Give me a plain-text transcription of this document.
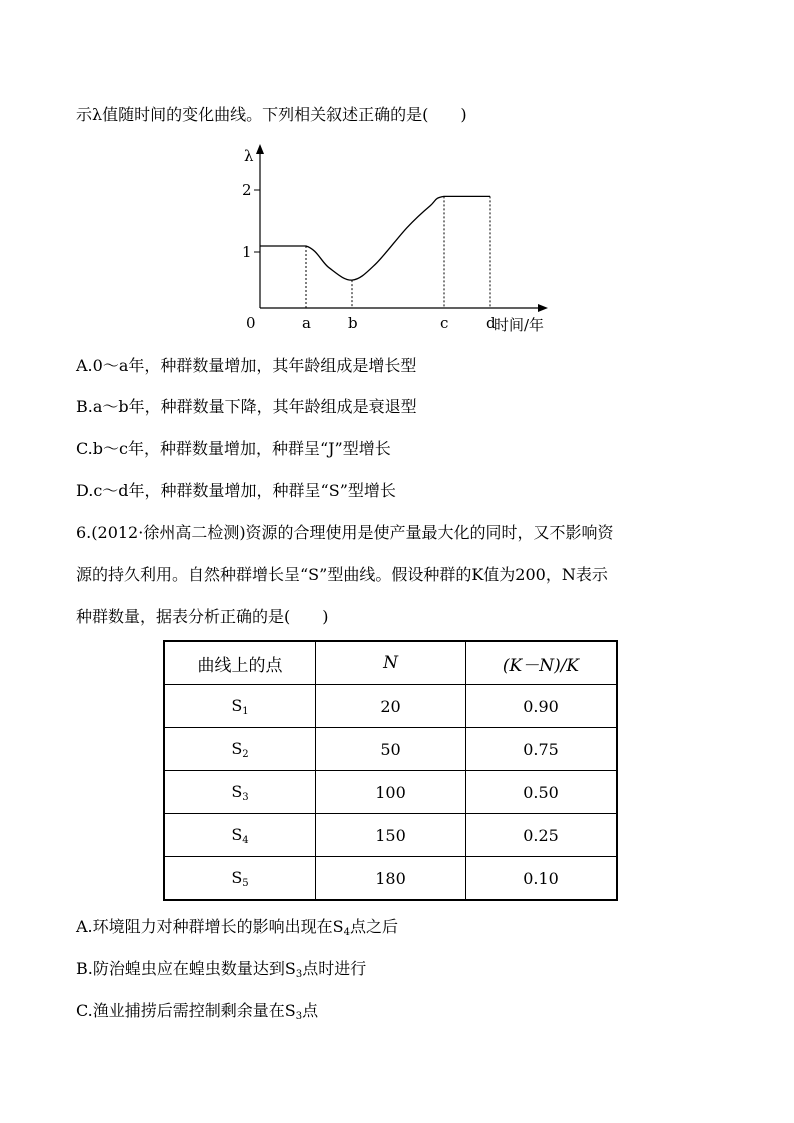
示λ值随时间的变化曲线。下列相关叙述正确的是(　　)
λ
时间/年
0
2
1
a b	c	d
A.0～a年，种群数量增加，其年龄组成是增长型
B.a～b年，种群数量下降，其年龄组成是衰退型
C.b～c年，种群数量增加，种群呈“J”型增长
D.c～d年，种群数量增加，种群呈“S”型增长
6.(2012·徐州高二检测)资源的合理使用是使产量最大化的同时，又不影响资
源的持久利用。自然种群增长呈“S”型曲线。假设种群的K值为200，N表示
种群数量，据表分析正确的是(　　)
曲线上的点	N	(K－N)/K
$S_1$	20	0.90
$S_2$	50	0.75
$S_3$	100	0.50
$S_4$	150	0.25
$S_5$	180	0.10
A.环境阻力对种群增长的影响出现在$S_4$点之后
B.防治蝗虫应在蝗虫数量达到$S_3$点时进行
C.渔业捕捞后需控制剩余量在$S_3$点
